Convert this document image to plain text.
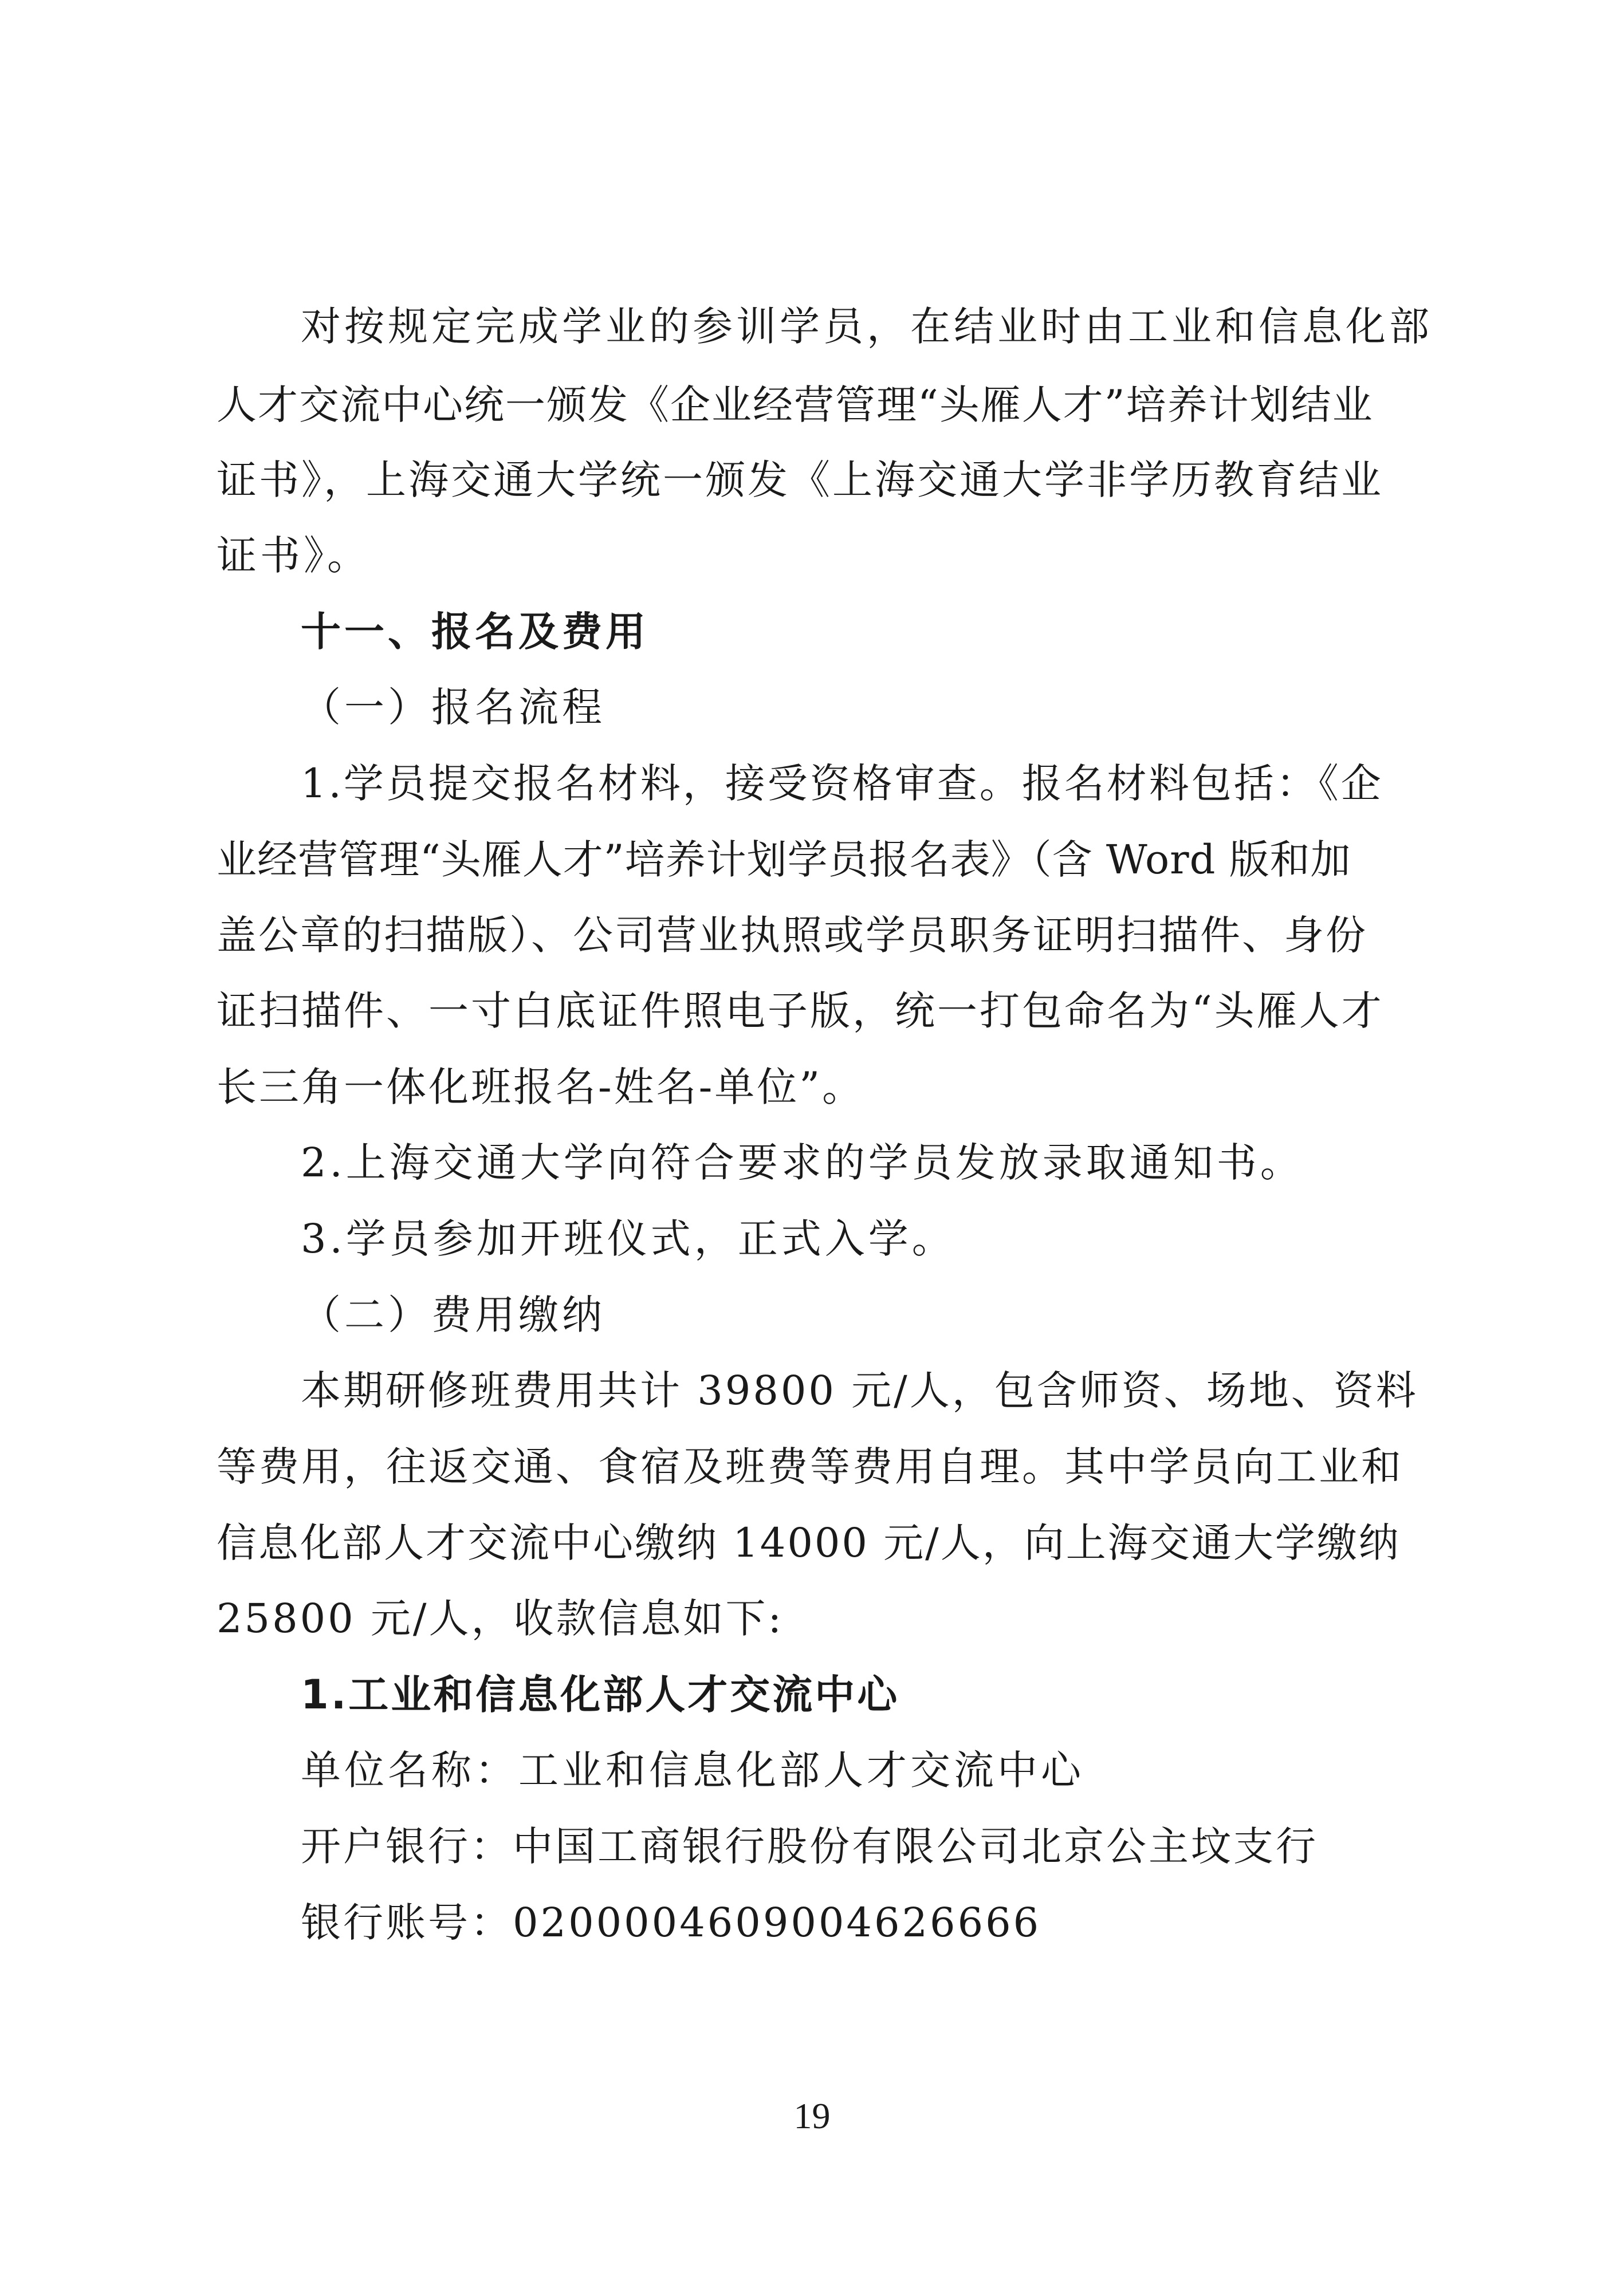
对按规定完成学业的参训学员，在结业时由工业和信息化部

人才交流中心统一颁发《企业经营管理“头雁人才”培养计划结业

证书》，上海交通大学统一颁发《上海交通大学非学历教育结业

证书》。

十一、报名及费用

（一）报名流程

1.学员提交报名材料，接受资格审查。报名材料包括：《企

业经营管理“头雁人才”培养计划学员报名表》（含 Word 版和加

盖公章的扫描版）、公司营业执照或学员职务证明扫描件、身份

证扫描件、一寸白底证件照电子版，统一打包命名为“头雁人才

长三角一体化班报名-姓名-单位”。

2.上海交通大学向符合要求的学员发放录取通知书。

3.学员参加开班仪式，正式入学。

（二）费用缴纳

本期研修班费用共计 39800 元/人，包含师资、场地、资料

等费用，往返交通、食宿及班费等费用自理。其中学员向工业和

信息化部人才交流中心缴纳 14000 元/人，向上海交通大学缴纳

25800 元/人，收款信息如下:

1.工业和信息化部人才交流中心

单位名称：工业和信息化部人才交流中心

开户银行：中国工商银行股份有限公司北京公主坟支行

银行账号：0200004609004626666

19
